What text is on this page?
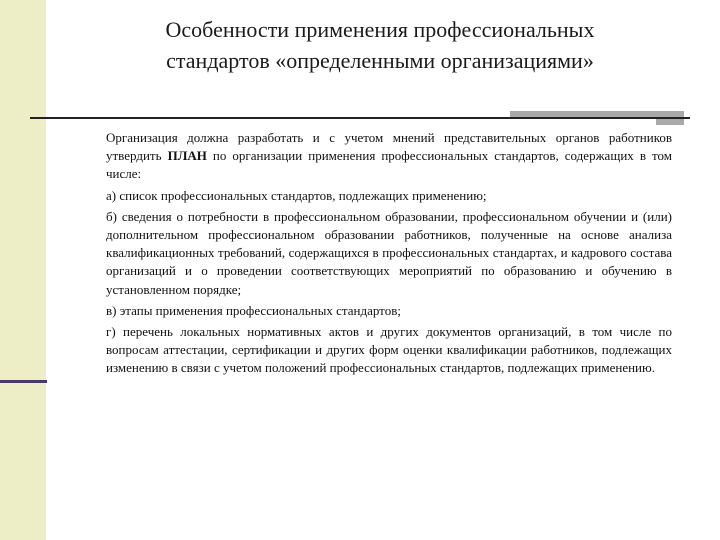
Особенности применения профессиональных
стандартов «определенными организациями»

Организация должна разработать и с учетом мнений представительных органов работников утвердить ПЛАН по организации применения профессиональных стандартов, содержащих в том числе:

а) список профессиональных стандартов, подлежащих применению;

б) сведения о потребности в профессиональном образовании, профессиональном обучении и (или) дополнительном профессиональном образовании работников, полученные на основе анализа квалификационных требований, содержащихся в профессиональных стандартах, и кадрового состава организаций и о проведении соответствующих мероприятий по образованию и обучению в установленном порядке;

в) этапы применения профессиональных стандартов;

г) перечень локальных нормативных актов и других документов организаций, в том числе по вопросам аттестации, сертификации и других форм оценки квалификации работников, подлежащих изменению в связи с учетом положений профессиональных стандартов, подлежащих применению.
